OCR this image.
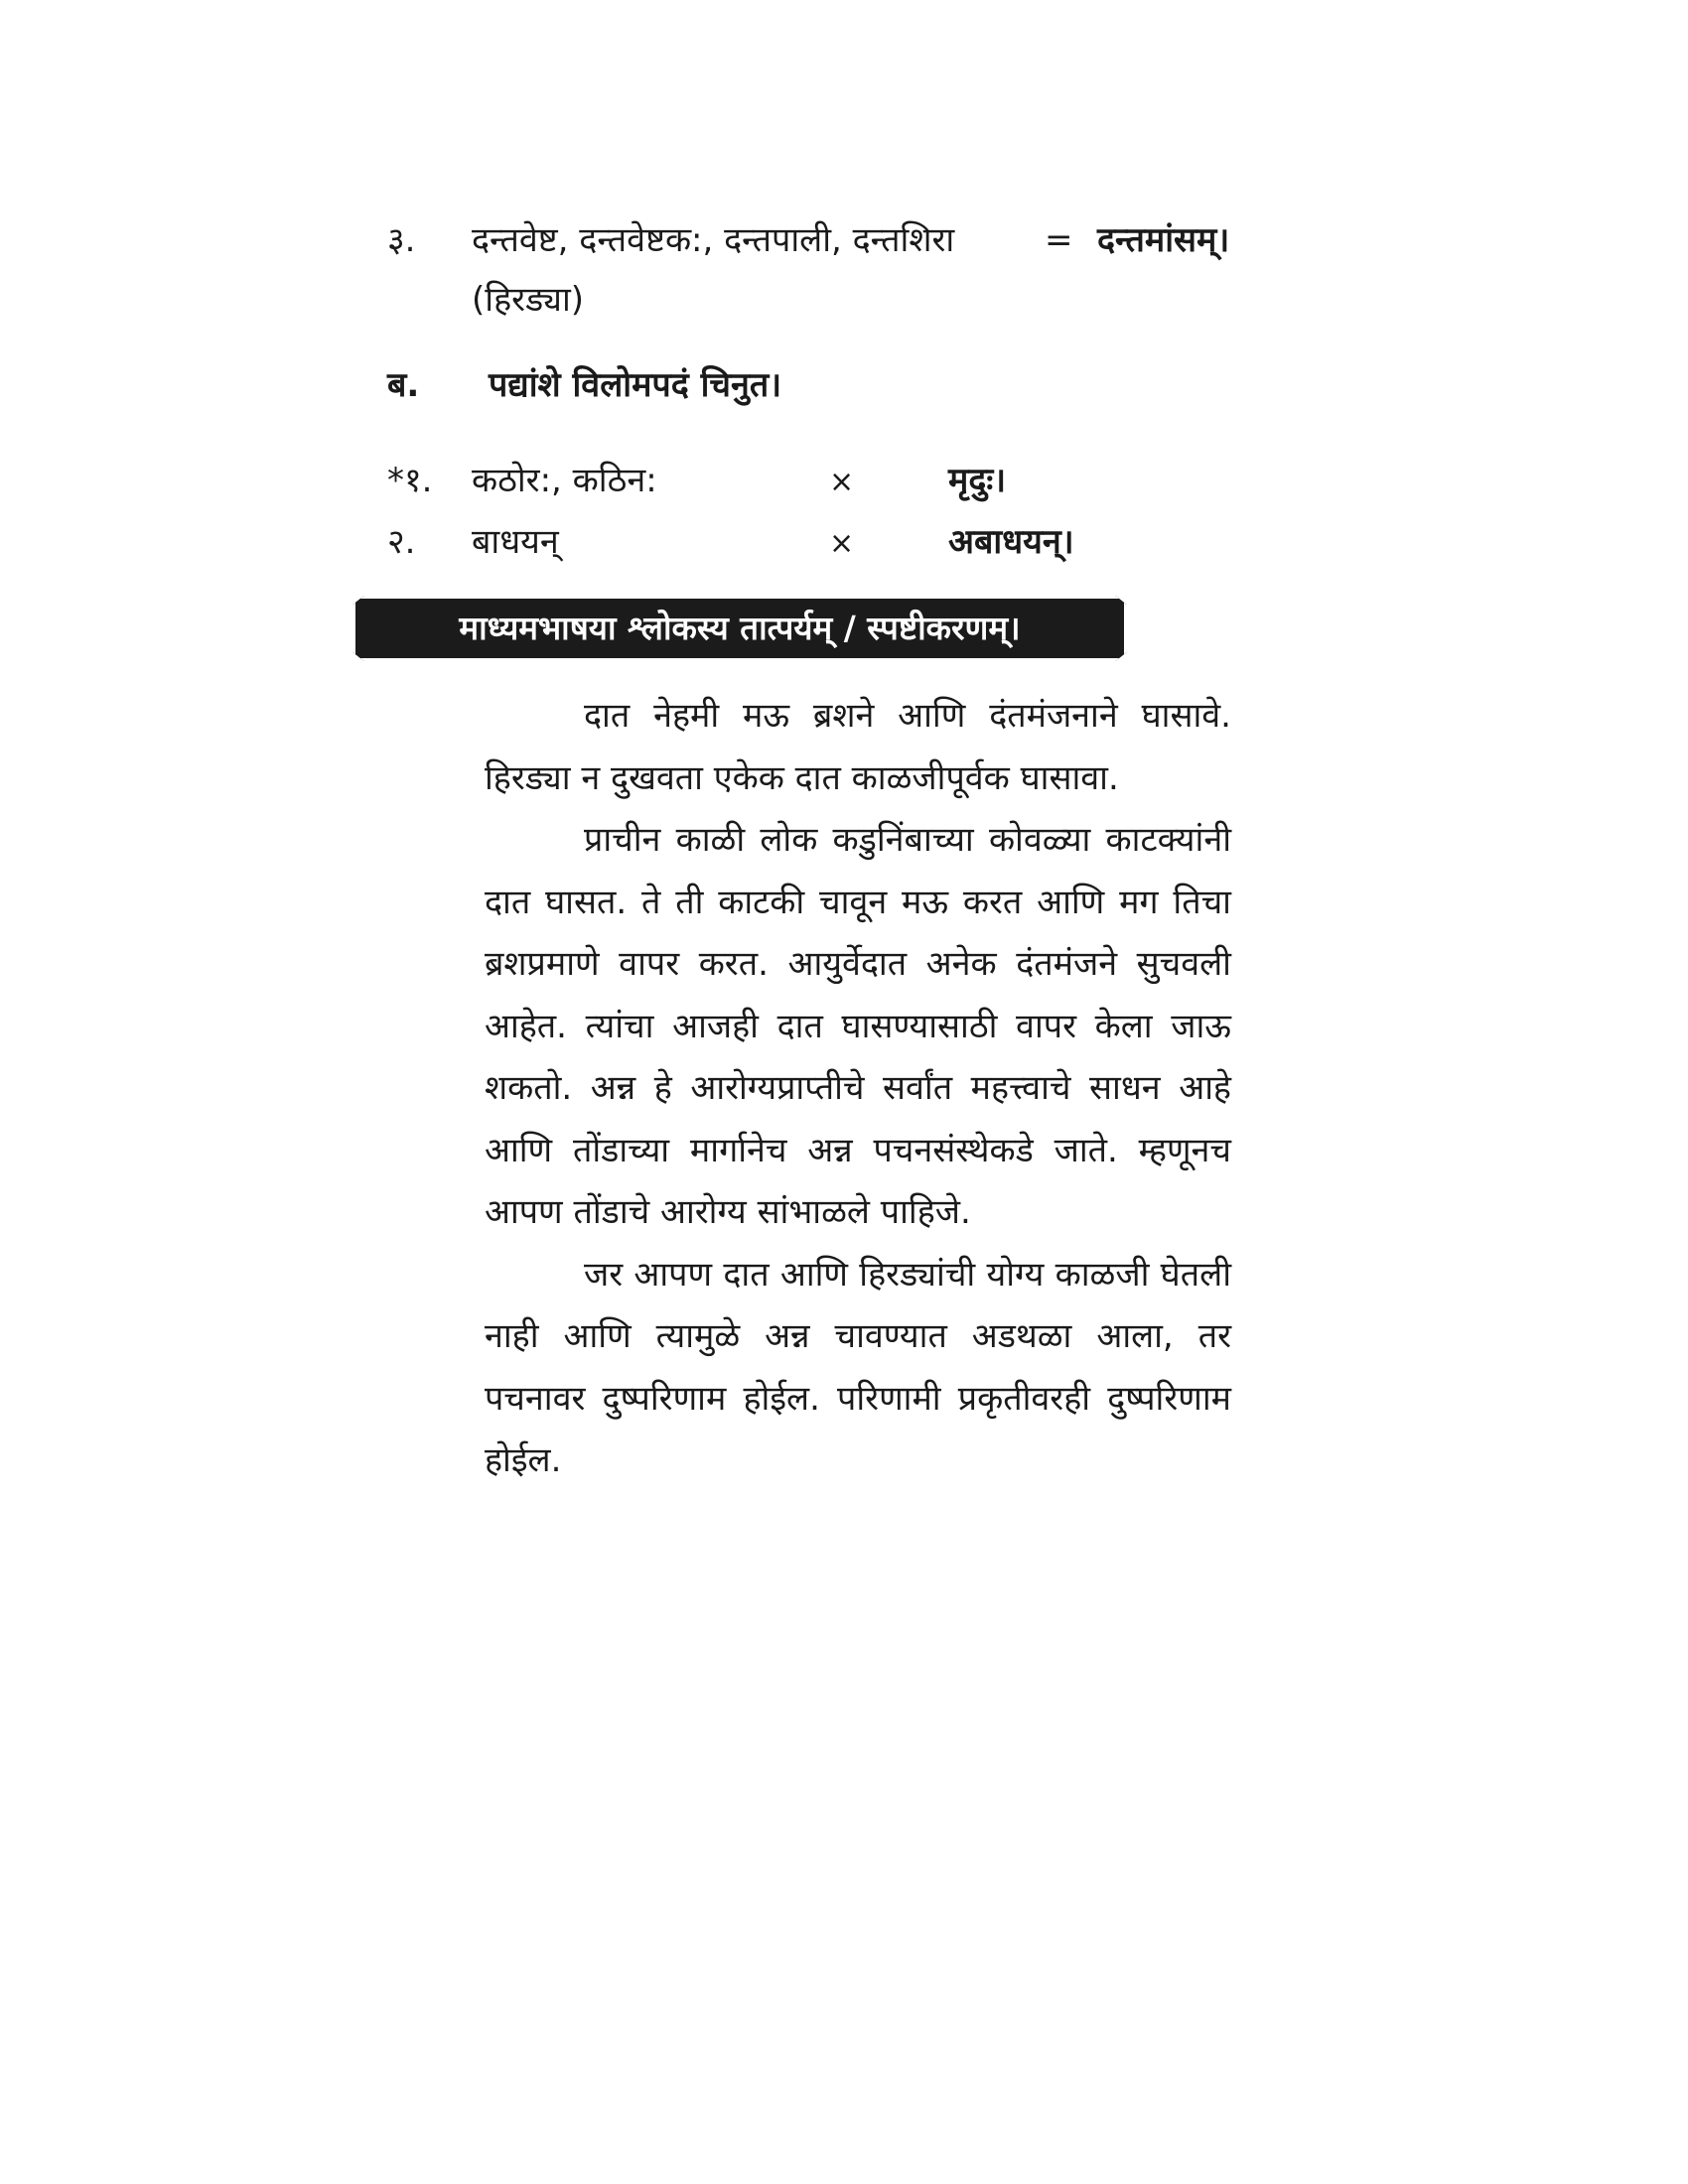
३. दन्तवेष्ट, दन्तवेष्टक:, दन्तपाली, दन्तशिरा	= दन्तमांसम्।
(हिरड्या)
ब. पद्यांशे विलोमपदं चिनुत।
*१. कठोर:, कठिन:	×	मृदुः।
२. बाधयन्	×	अबाधयन्।
माध्यमभाषया श्लोकस्य तात्पर्यम् / स्पष्टीकरणम्।

दात नेहमी मऊ ब्रशने आणि दंतमंजनाने घासावे. हिरड्या न दुखवता एकेक दात काळजीपूर्वक घासावा.

प्राचीन काळी लोक कडुनिंबाच्या कोवळ्या काटक्यांनी दात घासत. ते ती काटकी चावून मऊ करत आणि मग तिचा ब्रशप्रमाणे वापर करत. आयुर्वेदात अनेक दंतमंजने सुचवली आहेत. त्यांचा आजही दात घासण्यासाठी वापर केला जाऊ शकतो. अन्न हे आरोग्यप्राप्तीचे सर्वांत महत्त्वाचे साधन आहे आणि तोंडाच्या मार्गानेच अन्न पचनसंस्थेकडे जाते. म्हणूनच आपण तोंडाचे आरोग्य सांभाळले पाहिजे.

जर आपण दात आणि हिरड्यांची योग्य काळजी घेतली नाही आणि त्यामुळे अन्न चावण्यात अडथळा आला, तर पचनावर दुष्परिणाम होईल. परिणामी प्रकृतीवरही दुष्परिणाम होईल.
